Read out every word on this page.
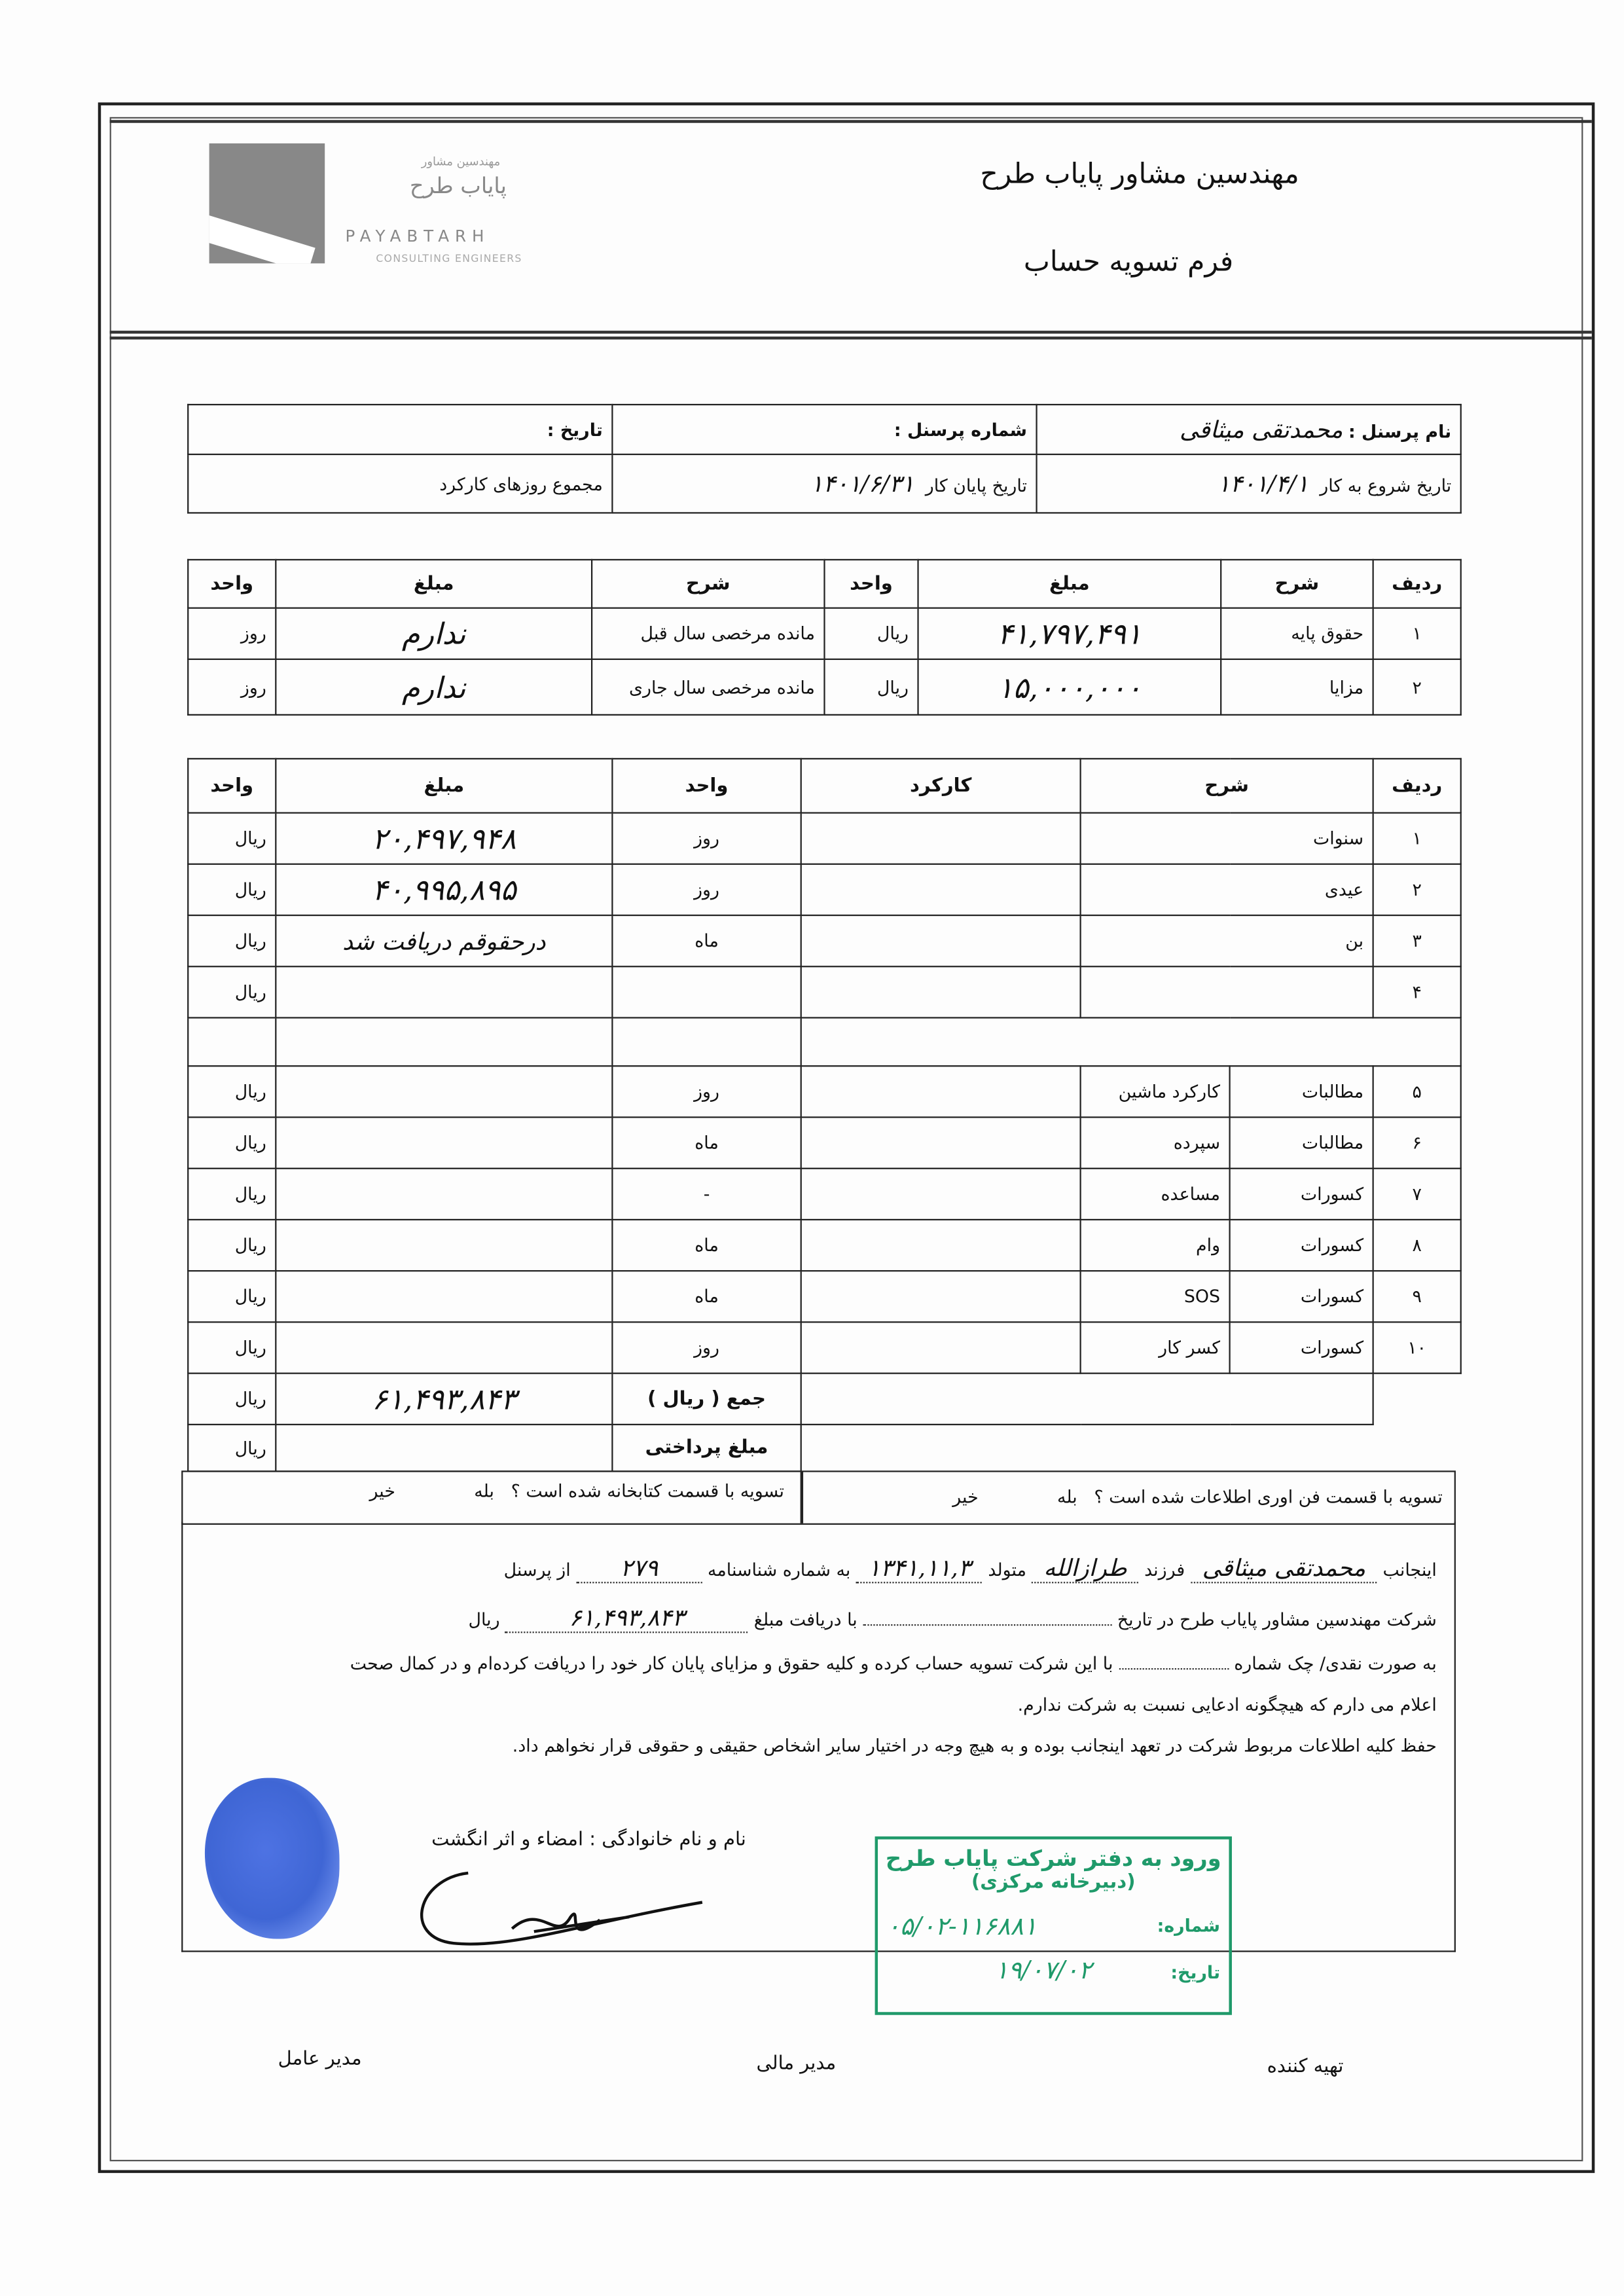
مهندسین مشاور
پایاب طرح
PAYABTARH
CONSULTING ENGINEERS
مهندسین مشاور پایاب طرح
فرم تسویه حساب
نام پرسنل : محمدتقی میثاقی	شماره پرسنل :	تاریخ :
تاریخ شروع به کار  ۱۴۰۱/۴/۱	تاریخ پایان کار  ۱۴۰۱/۶/۳۱	مجموع روزهای کارکرد
ردیف	شرح	مبلغ	واحد	شرح	مبلغ	واحد
۱	حقوق پایه	۴۱,۷۹۷,۴۹۱	ریال	مانده مرخصی سال قبل	ندارم	روز
۲	مزایا	۱۵,۰۰۰,۰۰۰	ریال	مانده مرخصی سال جاری	ندارم	روز
ردیف	شرح		کارکرد	واحد	مبلغ	واحد
۱	سنوات			روز	۲۰,۴۹۷,۹۴۸	ریال
۲	عیدی			روز	۴۰,۹۹۵,۸۹۵	ریال
۳	بن			ماه	درحقوقم دریافت شد	ریال
۴						ریال

۵	مطالبات	کارکرد ماشین		روز		ریال
۶	مطالبات	سپرده		ماه		ریال
۷	کسورات	مساعده		-		ریال
۸	کسورات	وام		ماه		ریال
۹	کسورات	SOS		ماه		ریال
۱۰	کسورات	کسر کار		روز		ریال
				جمع ( ریال )	۶۱,۴۹۳,۸۴۳	ریال
				مبلغ پرداختی		ریال
تسویه با قسمت فن اوری اطلاعات شده است ؟   بله خیر
تسویه با قسمت کتابخانه شده است ؟   بله خیر
اینجانب محمدتقی میثاقی فرزند طرازالله متولد ۱۳۴۱,۱۱,۳ به شماره شناسنامه ۲۷۹ از پرسنل
شرکت مهندسین مشاور پایاب طرح در تاریخ  با دریافت مبلغ ۶۱,۴۹۳,۸۴۳ ریال
به صورت نقدی/ چک شماره  با این شرکت تسویه حساب کرده و کلیه حقوق و مزایای پایان کار خود را دریافت کرده‌ام و در کمال صحت
اعلام می دارم که هیچگونه ادعایی نسبت به شرکت ندارم.
حفظ کلیه اطلاعات مربوط شرکت در تعهد اینجانب بوده و به هیچ وجه در اختیار سایر اشخاص حقیقی و حقوقی قرار نخواهم داد.
نام و نام خانوادگی : امضاء و اثر انگشت
ورود به دفتر شرکت پایاب طرح
(دبیرخانه مرکزی)
شماره:
۰۵/۰۲-۱۱۶۸۸۱
تاریخ:
۱۹/۰۷/۰۲
تهیه کننده
مدیر مالی
مدیر عامل
